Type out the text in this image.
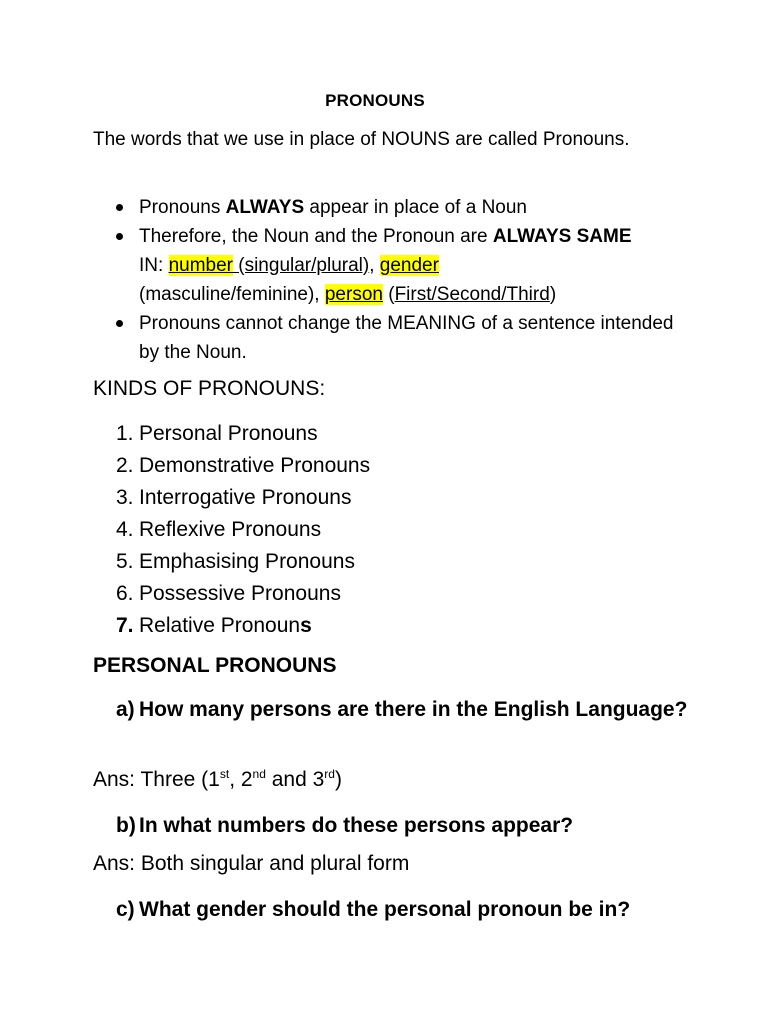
PRONOUNS
The words that we use in place of NOUNS are called Pronouns.
Pronouns ALWAYS appear in place of a Noun
Therefore, the Noun and the Pronoun are ALWAYS SAME
IN: number (singular/plural), gender
(masculine/feminine), person (First/Second/Third)
Pronouns cannot change the MEANING of a sentence intended by the Noun.
KINDS OF PRONOUNS:
1. Personal Pronouns
2. Demonstrative Pronouns
3. Interrogative Pronouns
4. Reflexive Pronouns
5. Emphasising Pronouns
6. Possessive Pronouns
7. Relative Pronouns
PERSONAL PRONOUNS
a) How many persons are there in the English Language?
Ans: Three (1st, 2nd and 3rd)
b) In what numbers do these persons appear?
Ans: Both singular and plural form
c) What gender should the personal pronoun be in?
